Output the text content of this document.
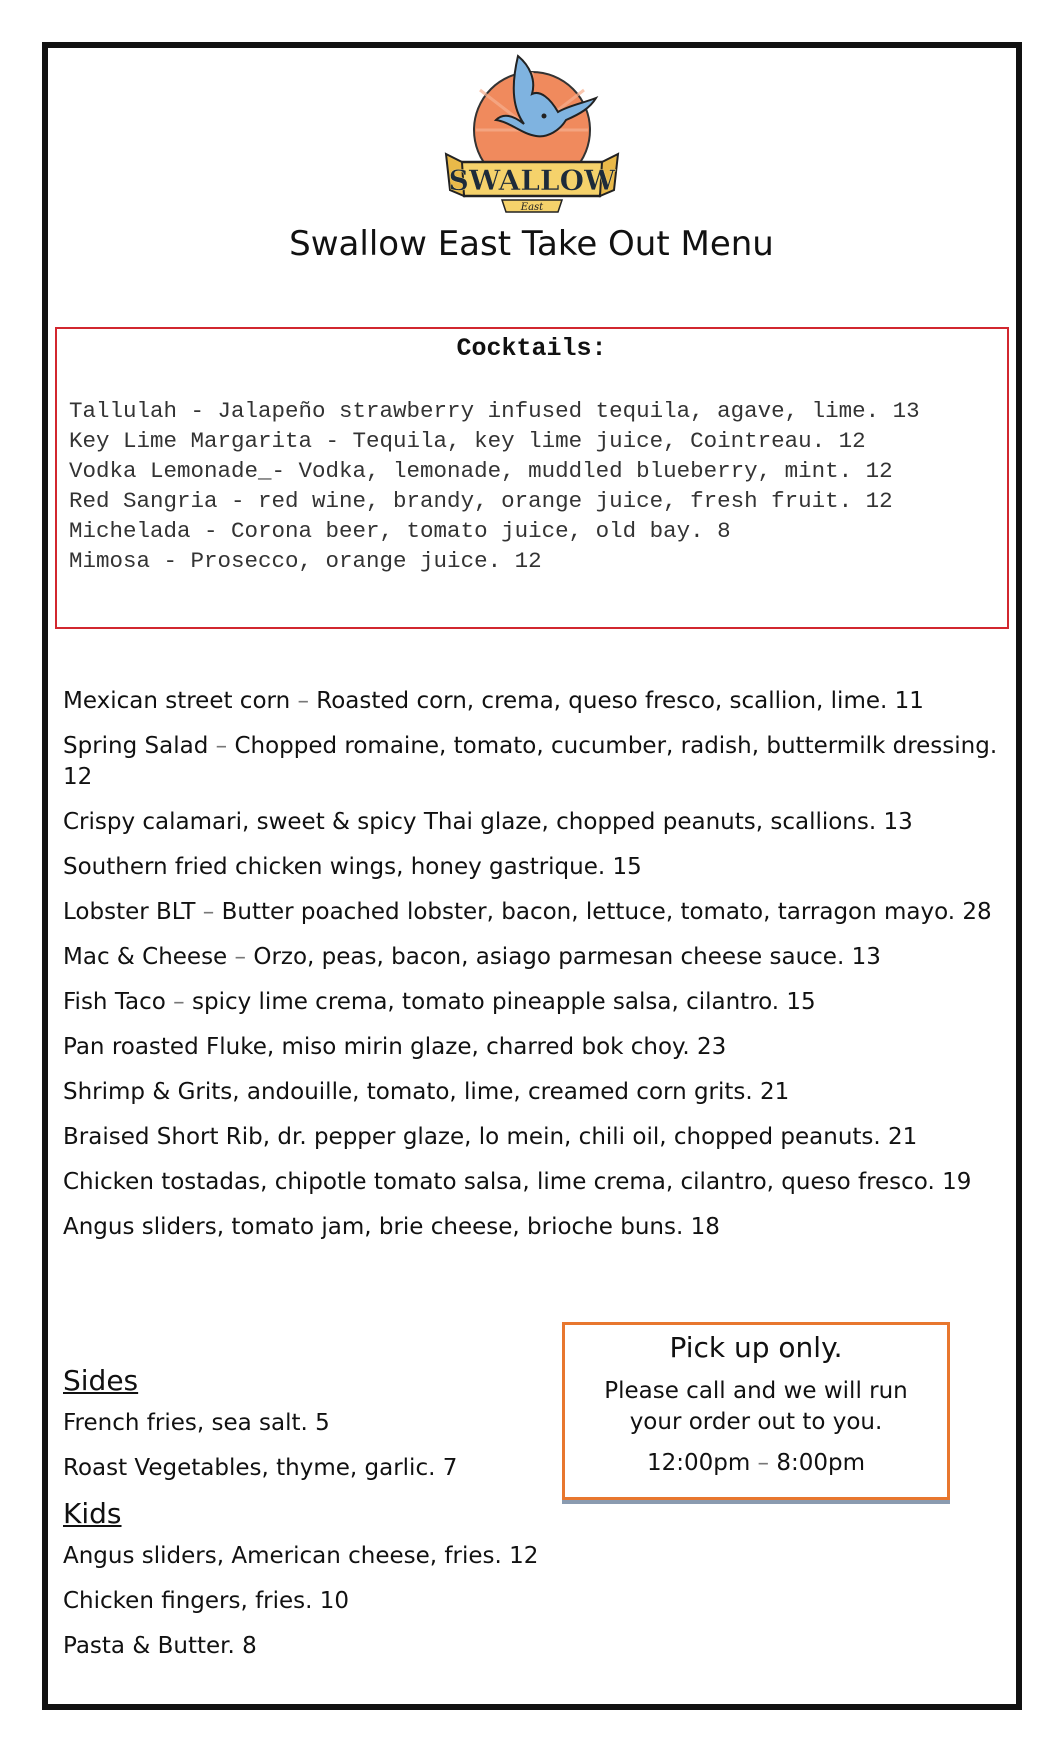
SWALLOW
East
Swallow East Take Out Menu
Cocktails:
Tallulah - Jalapeño strawberry infused tequila, agave, lime. 13
Key Lime Margarita - Tequila, key lime juice, Cointreau. 12
Vodka Lemonade_- Vodka, lemonade, muddled blueberry, mint. 12
Red Sangria - red wine, brandy, orange juice, fresh fruit. 12
Michelada - Corona beer, tomato juice, old bay. 8
Mimosa - Prosecco, orange juice. 12
Mexican street corn – Roasted corn, crema, queso fresco, scallion, lime. 11
Spring Salad – Chopped romaine, tomato, cucumber, radish, buttermilk dressing. 12
Crispy calamari, sweet & spicy Thai glaze, chopped peanuts, scallions. 13
Southern fried chicken wings, honey gastrique. 15
Lobster BLT – Butter poached lobster, bacon, lettuce, tomato, tarragon mayo. 28
Mac & Cheese – Orzo, peas, bacon, asiago parmesan cheese sauce. 13
Fish Taco – spicy lime crema, tomato pineapple salsa, cilantro. 15
Pan roasted Fluke, miso mirin glaze, charred bok choy. 23
Shrimp & Grits, andouille, tomato, lime, creamed corn grits. 21
Braised Short Rib, dr. pepper glaze, lo mein, chili oil, chopped peanuts. 21
Chicken tostadas, chipotle tomato salsa, lime crema, cilantro, queso fresco. 19
Angus sliders, tomato jam, brie cheese, brioche buns. 18
Sides
French fries, sea salt. 5
Roast Vegetables, thyme, garlic. 7
Kids
Angus sliders, American cheese, fries. 12
Chicken fingers, fries. 10
Pasta & Butter. 8
Pick up only.
Please call and we will run your order out to you.
12:00pm – 8:00pm
